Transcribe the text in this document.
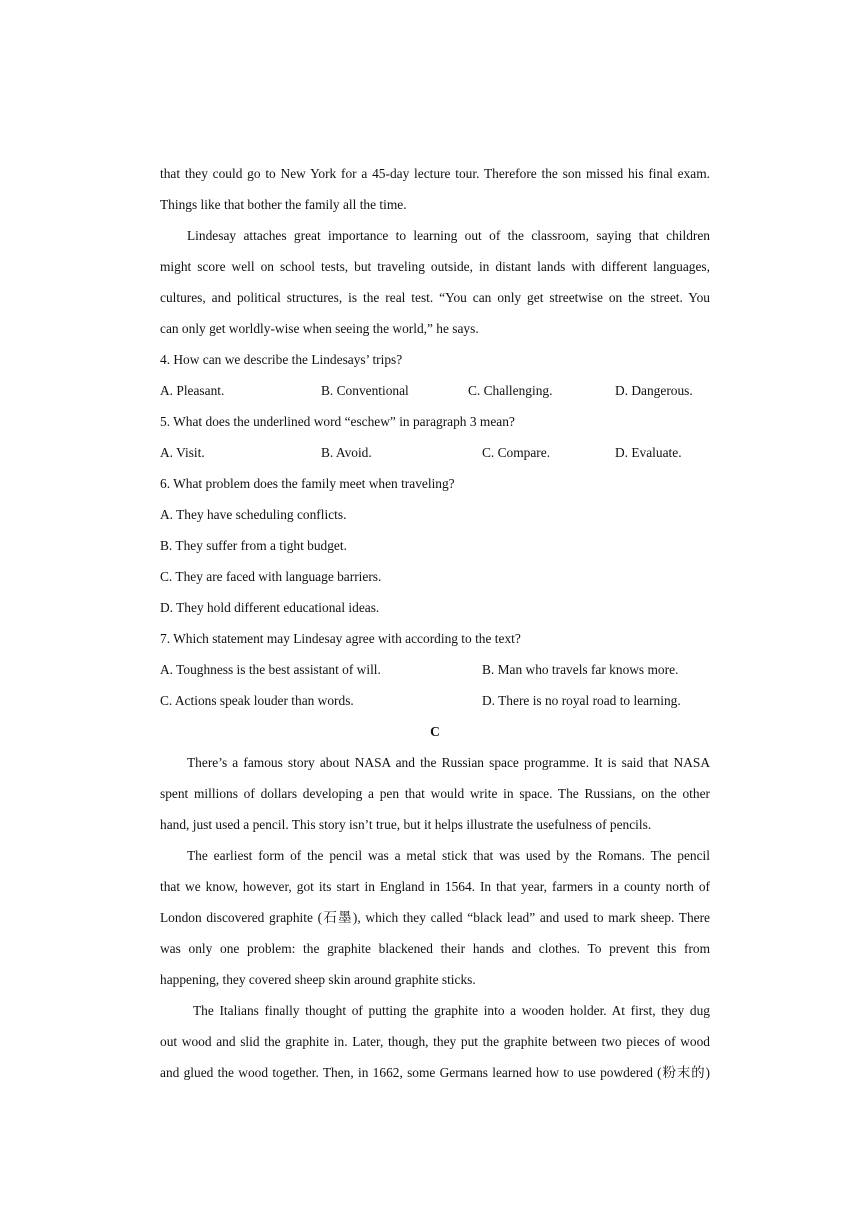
that they could go to New York for a 45-day lecture tour. Therefore the son missed his final exam.

Things like that bother the family all the time.

Lindesay attaches great importance to learning out of the classroom, saying that children

might score well on school tests, but traveling outside, in distant lands with different languages,

cultures, and political structures, is the real test. “You can only get streetwise on the street. You

can only get worldly-wise when seeing the world,” he says.

4. How can we describe the Lindesays’ trips?

A. Pleasant.	B. Conventional	C. Challenging.	D. Dangerous.

5. What does the underlined word “eschew” in paragraph 3 mean?

A. Visit.	B. Avoid.	C. Compare.	D. Evaluate.

6. What problem does the family meet when traveling?

A. They have scheduling conflicts.

B. They suffer from a tight budget.

C. They are faced with language barriers.

D. They hold different educational ideas.

7. Which statement may Lindesay agree with according to the text?

A. Toughness is the best assistant of will.	B. Man who travels far knows more.
C. Actions speak louder than words.	D. There is no royal road to learning.
C

There’s a famous story about NASA and the Russian space programme. It is said that NASA

spent millions of dollars developing a pen that would write in space. The Russians, on the other

hand, just used a pencil. This story isn’t true, but it helps illustrate the usefulness of pencils.

The earliest form of the pencil was a metal stick that was used by the Romans. The pencil

that we know, however, got its start in England in 1564. In that year, farmers in a county north of

London discovered graphite (石墨), which they called “black lead” and used to mark sheep. There

was only one problem: the graphite blackened their hands and clothes. To prevent this from

happening, they covered sheep skin around graphite sticks.

The Italians finally thought of putting the graphite into a wooden holder. At first, they dug

out wood and slid the graphite in. Later, though, they put the graphite between two pieces of wood

and glued the wood together. Then, in 1662, some Germans learned how to use powdered (粉末的)
